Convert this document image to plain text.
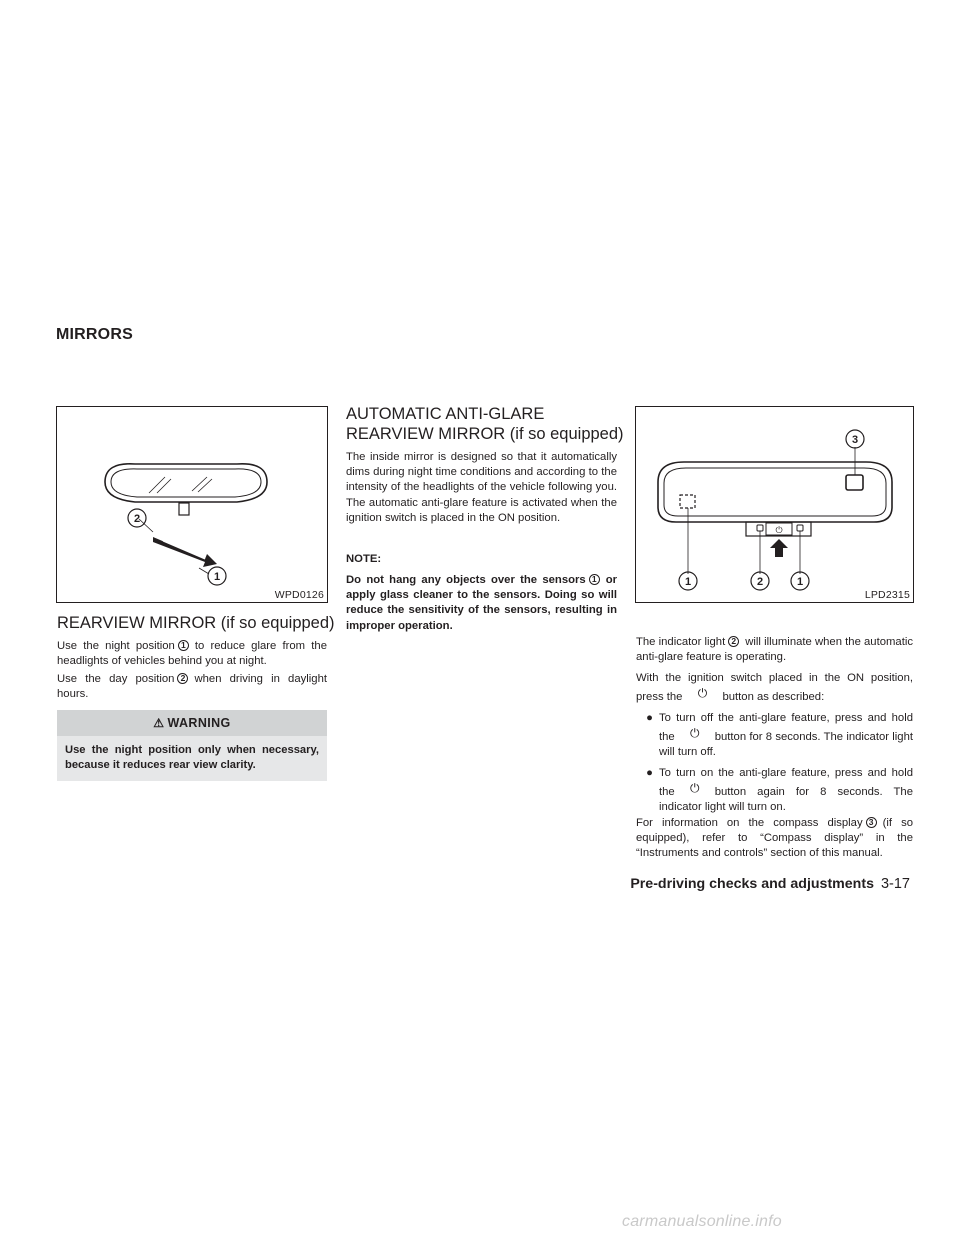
MIRRORS
2
1
WPD0126
REARVIEW MIRROR (if so equipped)
Use the night position 1 to reduce glare from the headlights of vehicles behind you at night.
Use the day position 2 when driving in daylight hours.
⚠ WARNING
Use the night position only when necessary, because it reduces rear view clarity.
AUTOMATIC ANTI-GLARE
REARVIEW MIRROR (if so equipped)
The inside mirror is designed so that it automatically dims during night time conditions and according to the intensity of the headlights of the vehicle following you. The automatic anti-glare feature is activated when the ignition switch is placed in the ON position.
NOTE:
Do not hang any objects over the sensors 1 or apply glass cleaner to the sensors. Doing so will reduce the sensitivity of the sensors, resulting in improper operation.
3
⏻
1	2	1
LPD2315
The indicator light 2 will illuminate when the automatic anti-glare feature is operating.
With the ignition switch placed in the ON position, press the ⏻ button as described:
● To turn off the anti-glare feature, press and hold the ⏻ button for 8 seconds. The indicator light will turn off.
● To turn on the anti-glare feature, press and hold the ⏻ button again for 8 seconds. The indicator light will turn on.
For information on the compass display 3 (if so equipped), refer to “Compass display” in the “Instruments and controls” section of this manual.
Pre-driving checks and adjustments 3-17
carmanualsonline.info
